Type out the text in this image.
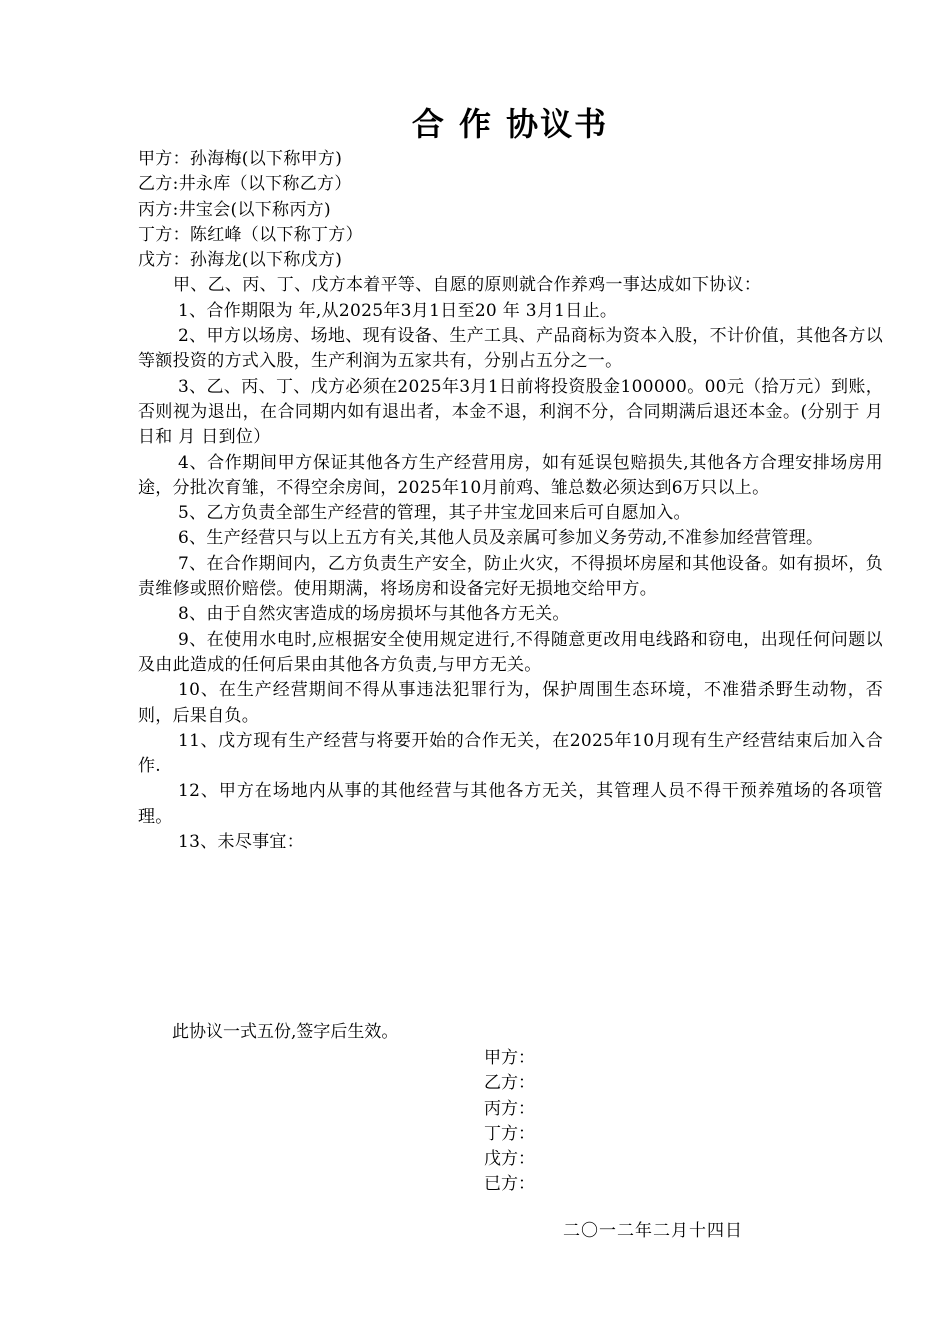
合 作 协议书

甲方：孙海梅(以下称甲方)

乙方:井永库（以下称乙方）

丙方:井宝会(以下称丙方)

丁方：陈红峰（以下称丁方）

戊方：孙海龙(以下称戊方)

甲、乙、丙、丁、戊方本着平等、自愿的原则就合作养鸡一事达成如下协议：

1、合作期限为 年,从2025年3月1日至20 年 3月1日止。

2、甲方以场房、场地、现有设备、生产工具、产品商标为资本入股，不计价值，其他各方以等额投资的方式入股，生产利润为五家共有，分别占五分之一。

3、乙、丙、丁、戊方必须在2025年3月1日前将投资股金100000。00元（拾万元）到账，否则视为退出，在合同期内如有退出者，本金不退，利润不分，合同期满后退还本金。(分别于 月 日和 月 日到位）

4、合作期间甲方保证其他各方生产经营用房，如有延误包赔损失,其他各方合理安排场房用途，分批次育雏，不得空余房间，2025年10月前鸡、雏总数必须达到6万只以上。

5、乙方负责全部生产经营的管理，其子井宝龙回来后可自愿加入。

6、生产经营只与以上五方有关,其他人员及亲属可参加义务劳动,不准参加经营管理。

7、在合作期间内，乙方负责生产安全，防止火灾，不得损坏房屋和其他设备。如有损坏，负责维修或照价赔偿。使用期满，将场房和设备完好无损地交给甲方。

8、由于自然灾害造成的场房损坏与其他各方无关。

9、在使用水电时,应根据安全使用规定进行,不得随意更改用电线路和窃电，出现任何问题以及由此造成的任何后果由其他各方负责,与甲方无关。

10、在生产经营期间不得从事违法犯罪行为，保护周围生态环境，不准猎杀野生动物，否则，后果自负。

11、戊方现有生产经营与将要开始的合作无关，在2025年10月现有生产经营结束后加入合作.

12、甲方在场地内从事的其他经营与其他各方无关，其管理人员不得干预养殖场的各项管理。

13、未尽事宜：

此协议一式五份,签字后生效。
甲方：
乙方：
丙方：
丁方：
戊方：
已方：
二〇一二年二月十四日
